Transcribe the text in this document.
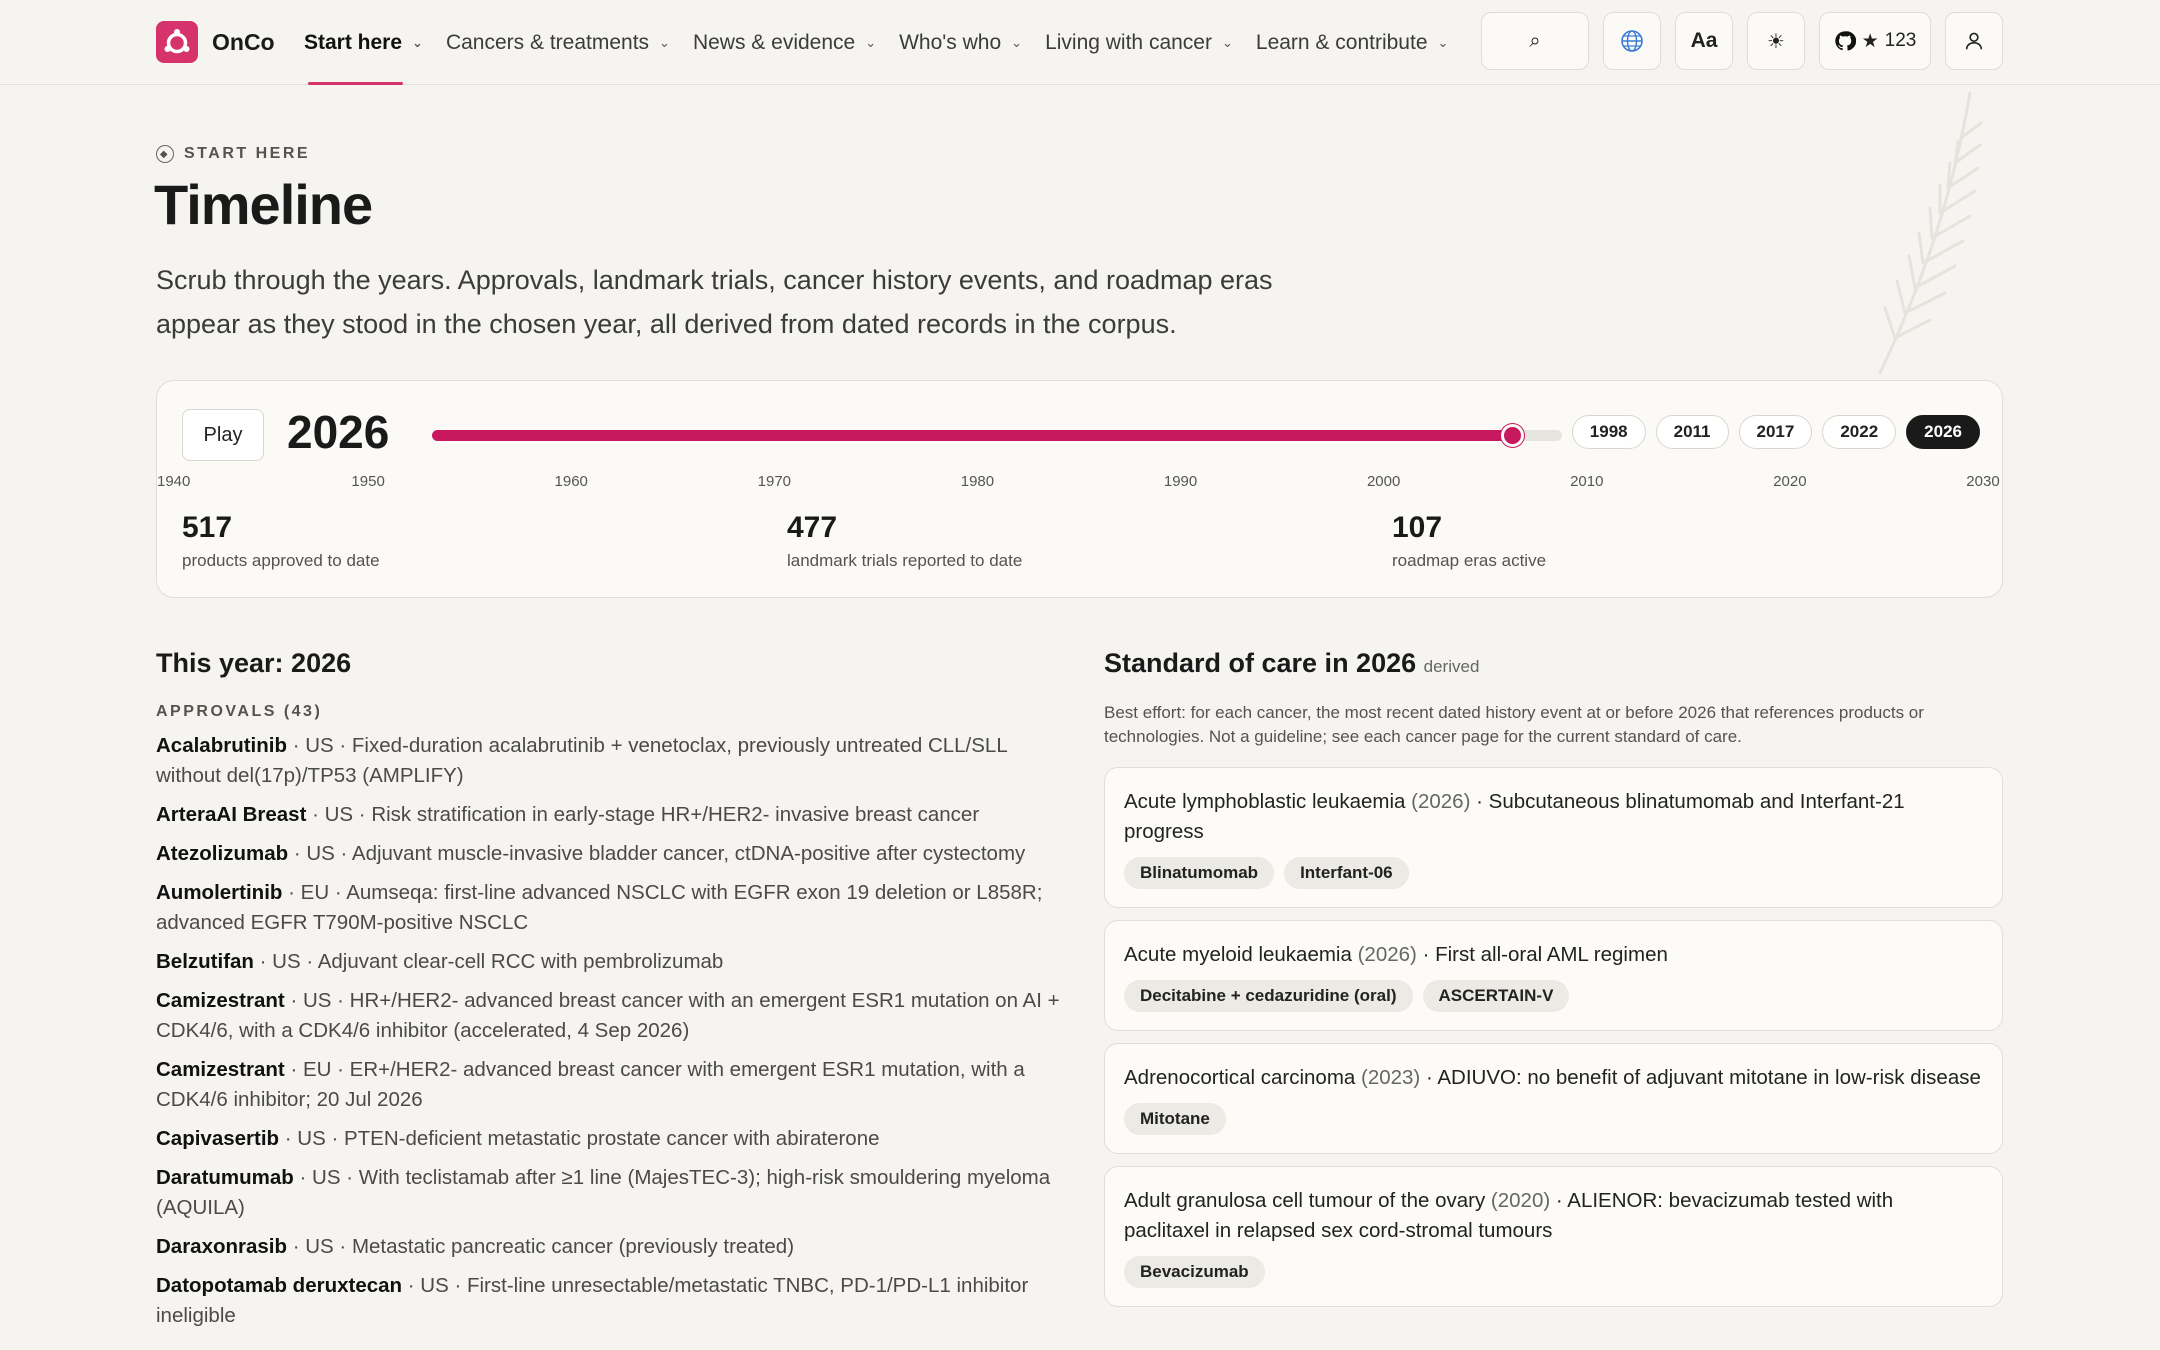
OnCo Start here ⌄ Cancers & treatments ⌄ News & evidence ⌄ Who's who ⌄ Living with cancer ⌄ Learn & contribute ⌄	⌕	Aa ☀	★ 123
◆ START HERE
Timeline

Scrub through the years. Approvals, landmark trials, cancer history events, and roadmap eras appear as they stood in the chosen year, all derived from dated records in the corpus.

Play 2026	1998	2011	2017	2022	2026
1940	1950	1960	1970	1980	1990	2000	2010	2020	2030
517
products approved to date
477
landmark trials reported to date
107
roadmap eras active
This year: 2026
APPROVALS (43)
Acalabrutinib · US · Fixed-duration acalabrutinib + venetoclax, previously untreated CLL/SLL without del(17p)/TP53 (AMPLIFY)
ArteraAI Breast · US · Risk stratification in early-stage HR+/HER2- invasive breast cancer
Atezolizumab · US · Adjuvant muscle-invasive bladder cancer, ctDNA-positive after cystectomy
Aumolertinib · EU · Aumseqa: first-line advanced NSCLC with EGFR exon 19 deletion or L858R; advanced EGFR T790M-positive NSCLC
Belzutifan · US · Adjuvant clear-cell RCC with pembrolizumab
Camizestrant · US · HR+/HER2- advanced breast cancer with an emergent ESR1 mutation on AI + CDK4/6, with a CDK4/6 inhibitor (accelerated, 4 Sep 2026)
Camizestrant · EU · ER+/HER2- advanced breast cancer with emergent ESR1 mutation, with a CDK4/6 inhibitor; 20 Jul 2026
Capivasertib · US · PTEN-deficient metastatic prostate cancer with abiraterone
Daratumumab · US · With teclistamab after ≥1 line (MajesTEC-3); high-risk smouldering myeloma (AQUILA)
Daraxonrasib · US · Metastatic pancreatic cancer (previously treated)
Datopotamab deruxtecan · US · First-line unresectable/metastatic TNBC, PD-1/PD-L1 inhibitor ineligible
Standard of care in 2026 derived

Best effort: for each cancer, the most recent dated history event at or before 2026 that references products or technologies. Not a guideline; see each cancer page for the current standard of care.

Acute lymphoblastic leukaemia (2026) · Subcutaneous blinatumomab and Interfant-21 progress
Blinatumomab	Interfant-06
Acute myeloid leukaemia (2026) · First all-oral AML regimen
Decitabine + cedazuridine (oral)	ASCERTAIN-V
Adrenocortical carcinoma (2023) · ADIUVO: no benefit of adjuvant mitotane in low-risk disease
Mitotane
Adult granulosa cell tumour of the ovary (2020) · ALIENOR: bevacizumab tested with paclitaxel in relapsed sex cord-stromal tumours
Bevacizumab
